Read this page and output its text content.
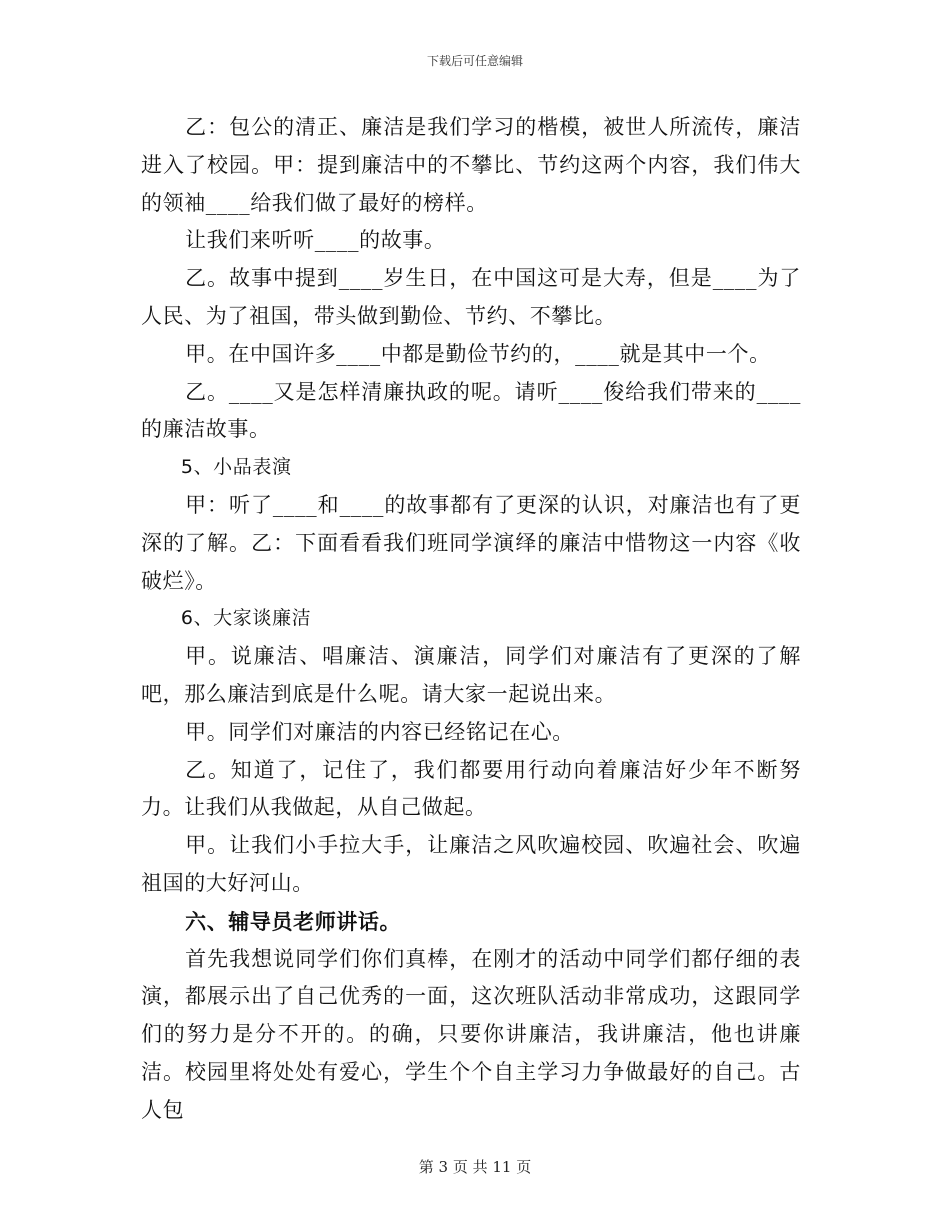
下载后可任意编辑

乙：包公的清正、廉洁是我们学习的楷模，被世人所流传，廉洁进入了校园。甲：提到廉洁中的不攀比、节约这两个内容，我们伟大的领袖____给我们做了最好的榜样。

让我们来听听____的故事。

乙。故事中提到____岁生日，在中国这可是大寿，但是____为了人民、为了祖国，带头做到勤俭、节约、不攀比。

甲。在中国许多____中都是勤俭节约的，____就是其中一个。

乙。____又是怎样清廉执政的呢。请听____俊给我们带来的____的廉洁故事。

5、小品表演

甲：听了____和____的故事都有了更深的认识，对廉洁也有了更深的了解。乙：下面看看我们班同学演绎的廉洁中惜物这一内容《收破烂》。

6、大家谈廉洁

甲。说廉洁、唱廉洁、演廉洁，同学们对廉洁有了更深的了解吧，那么廉洁到底是什么呢。请大家一起说出来。

甲。同学们对廉洁的内容已经铭记在心。

乙。知道了，记住了，我们都要用行动向着廉洁好少年不断努力。让我们从我做起，从自己做起。

甲。让我们小手拉大手，让廉洁之风吹遍校园、吹遍社会、吹遍祖国的大好河山。

六、辅导员老师讲话。

首先我想说同学们你们真棒，在刚才的活动中同学们都仔细的表演，都展示出了自己优秀的一面，这次班队活动非常成功，这跟同学们的努力是分不开的。的确，只要你讲廉洁，我讲廉洁，他也讲廉洁。校园里将处处有爱心，学生个个自主学习力争做最好的自己。古人包

第 3 页 共 11 页
